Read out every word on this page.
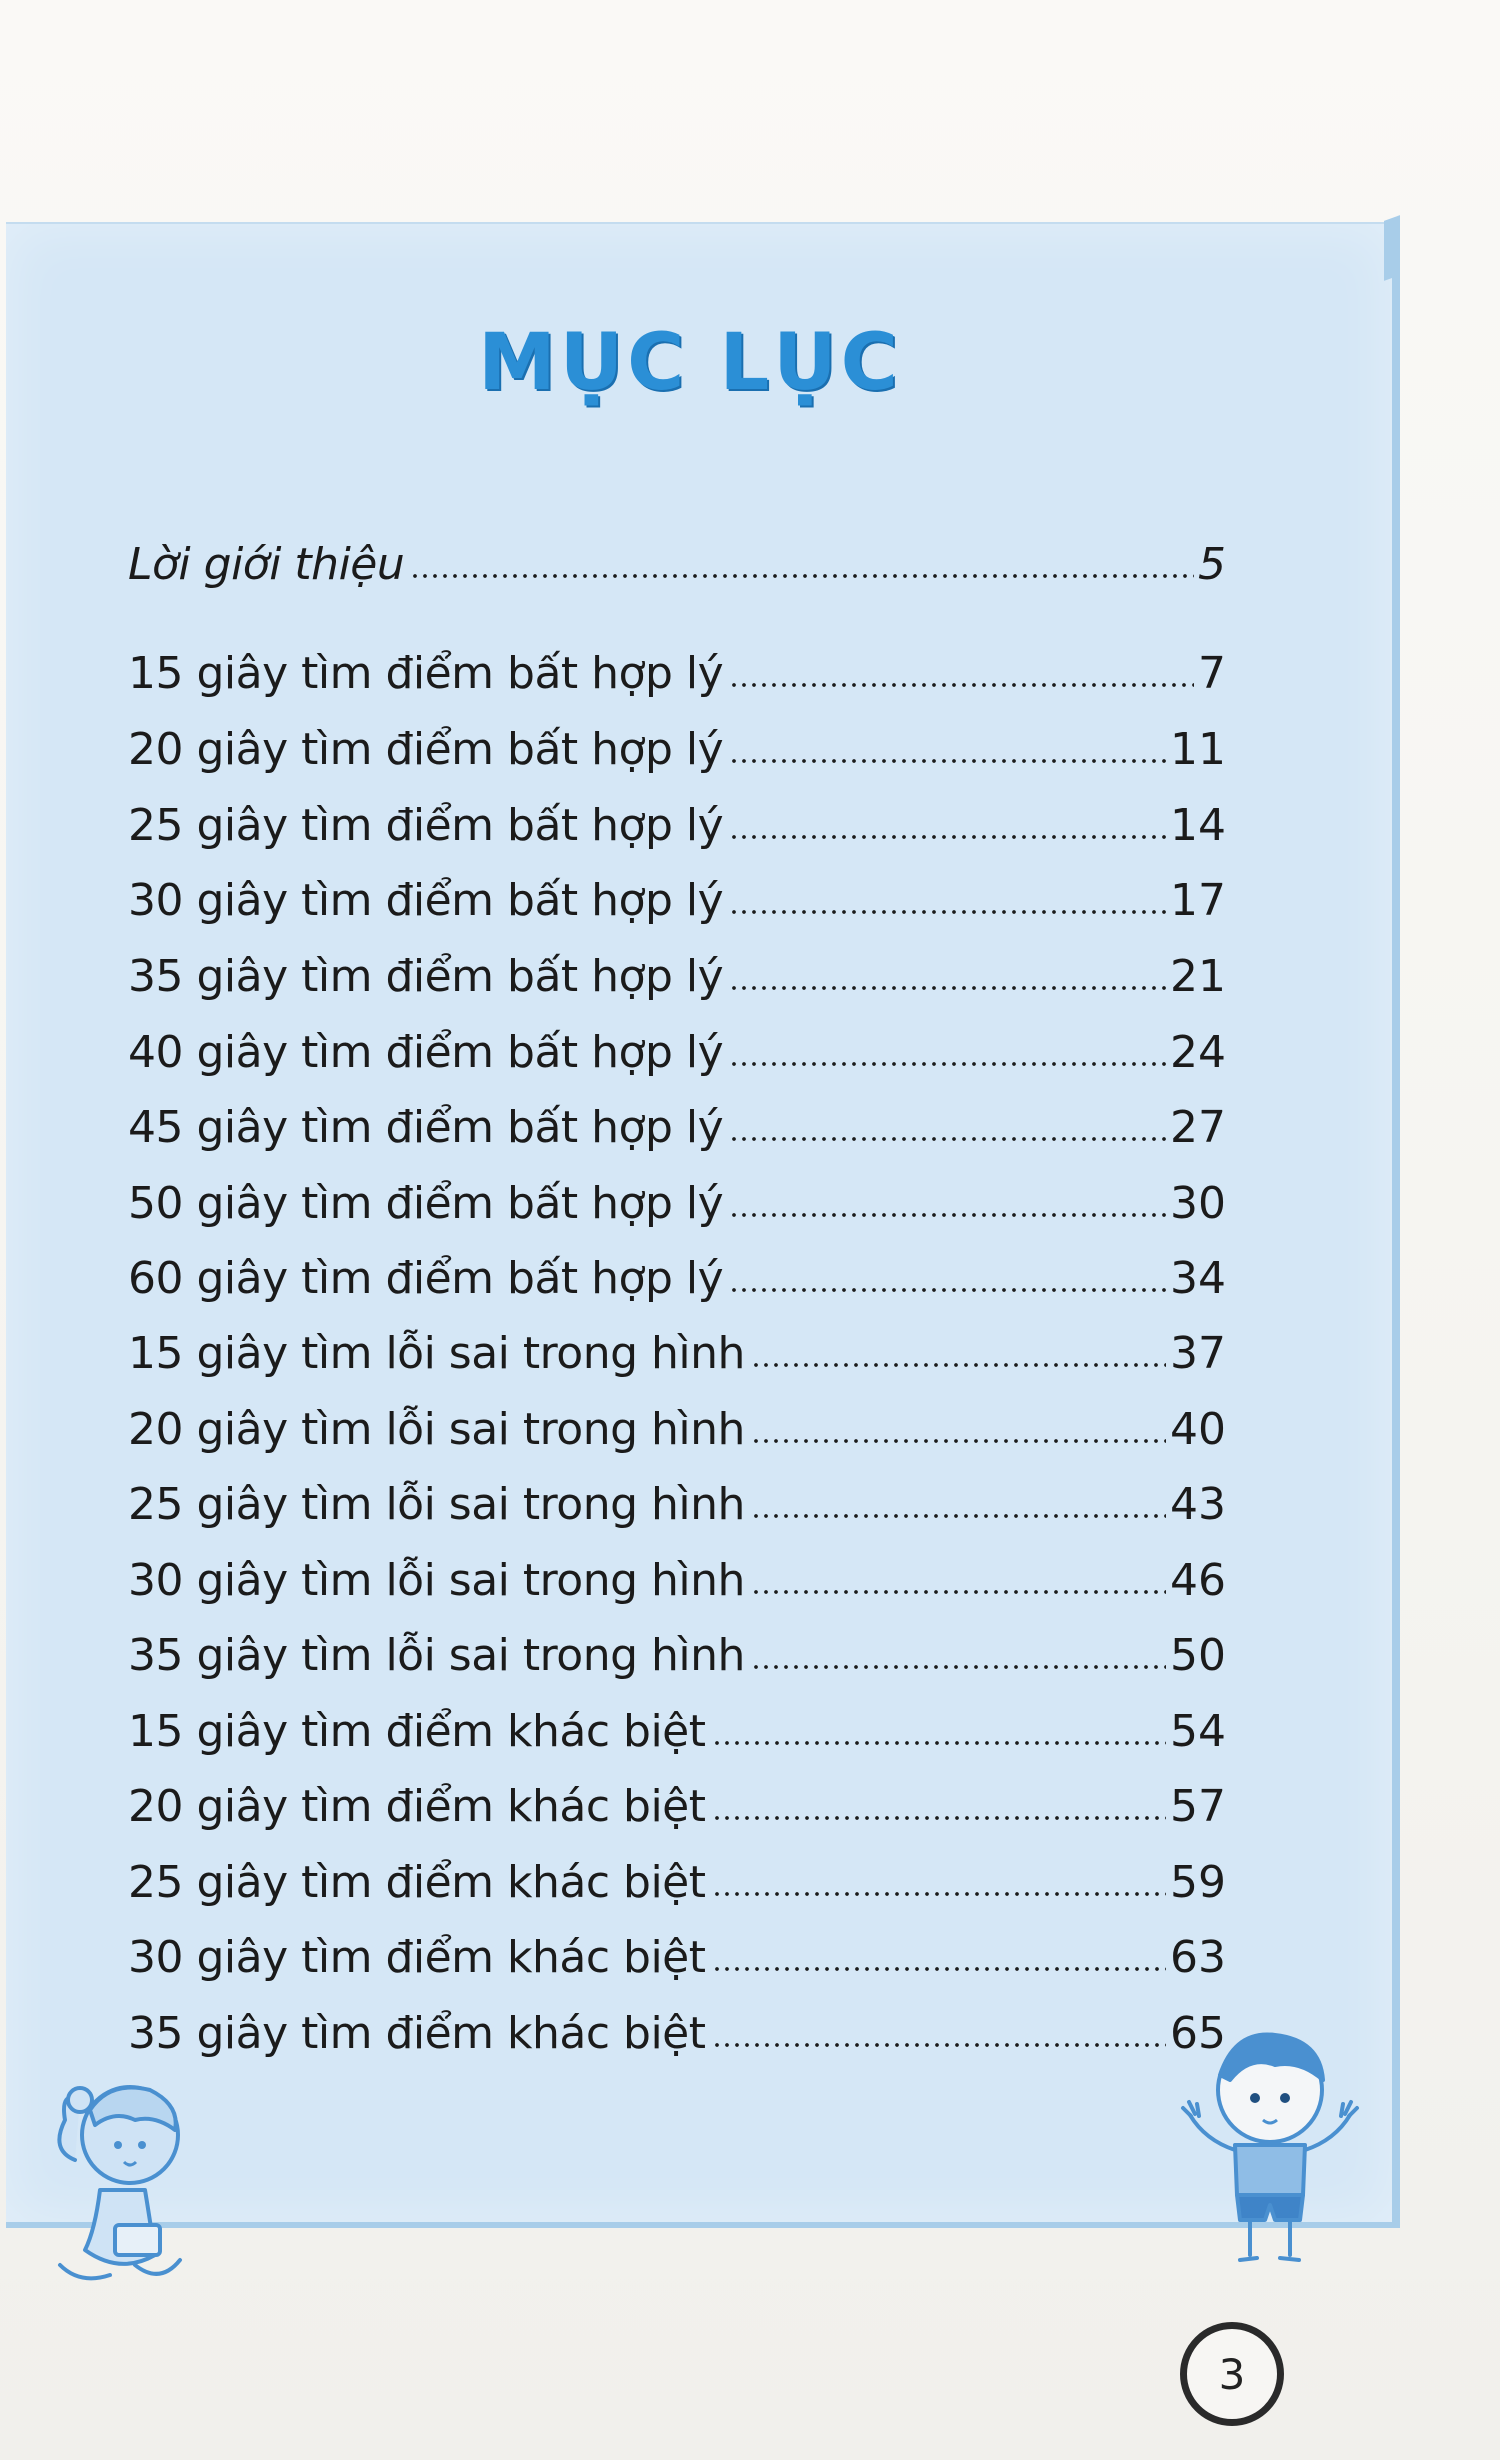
MỤC LỤC
Lời giới thiệu	5
15 giây tìm điểm bất hợp lý	7
20 giây tìm điểm bất hợp lý	11
25 giây tìm điểm bất hợp lý	14
30 giây tìm điểm bất hợp lý	17
35 giây tìm điểm bất hợp lý	21
40 giây tìm điểm bất hợp lý	24
45 giây tìm điểm bất hợp lý	27
50 giây tìm điểm bất hợp lý	30
60 giây tìm điểm bất hợp lý	34
15 giây tìm lỗi sai trong hình	37
20 giây tìm lỗi sai trong hình	40
25 giây tìm lỗi sai trong hình	43
30 giây tìm lỗi sai trong hình	46
35 giây tìm lỗi sai trong hình	50
15 giây tìm điểm khác biệt	54
20 giây tìm điểm khác biệt	57
25 giây tìm điểm khác biệt	59
30 giây tìm điểm khác biệt	63
35 giây tìm điểm khác biệt	65
3
